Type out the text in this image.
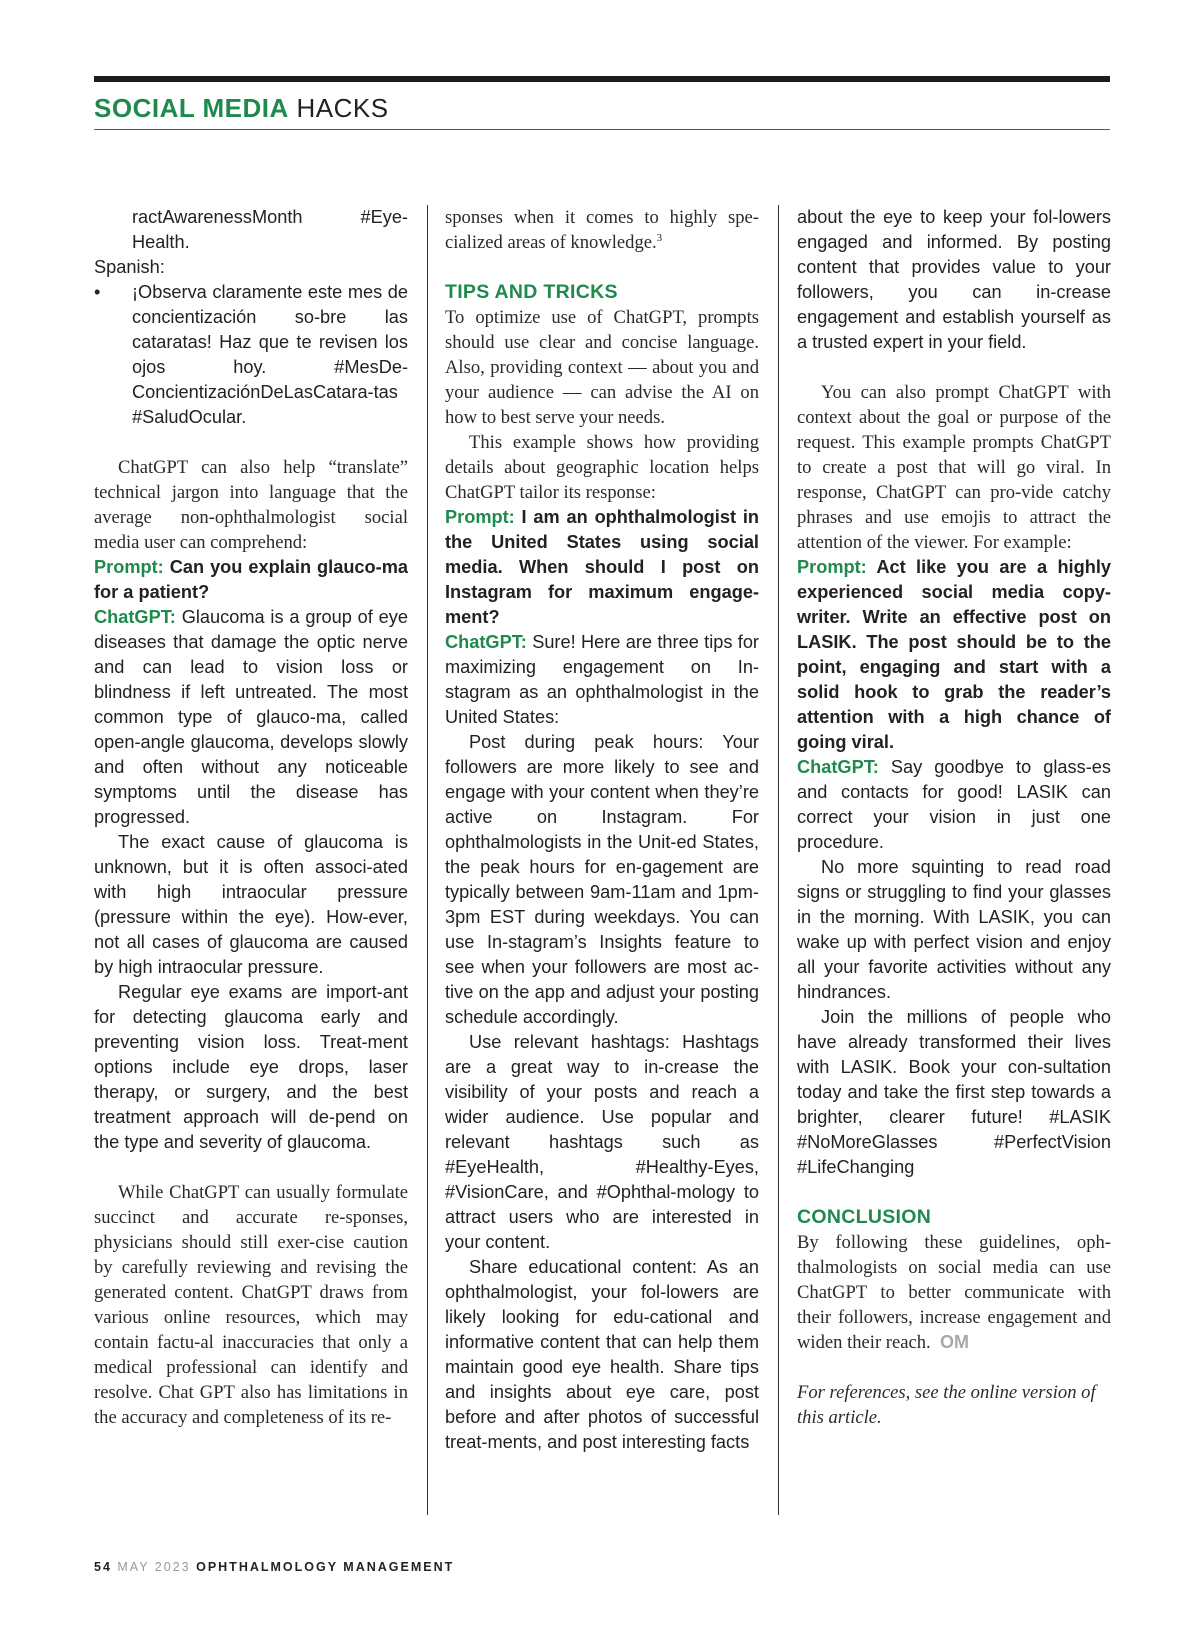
SOCIAL MEDIA HACKS

ractAwarenessMonth #Eye-Health.

Spanish:

•	¡Observa claramente este mes de concientización so-bre las cataratas! Haz que te revisen los ojos hoy. #MesDe-ConcientizaciónDeLasCatara-tas #SaludOcular.

ChatGPT can also help “translate” technical jargon into language that the average non-ophthalmologist social media user can comprehend:

Prompt: Can you explain glauco-ma for a patient?

ChatGPT: Glaucoma is a group of eye diseases that damage the optic nerve and can lead to vision loss or blindness if left untreated. The most common type of glauco-ma, called open-angle glaucoma, develops slowly and often without any noticeable symptoms until the disease has progressed.

The exact cause of glaucoma is unknown, but it is often associ-ated with high intraocular pressure (pressure within the eye). How-ever, not all cases of glaucoma are caused by high intraocular pressure.

Regular eye exams are import-ant for detecting glaucoma early and preventing vision loss. Treat-ment options include eye drops, laser therapy, or surgery, and the best treatment approach will de-pend on the type and severity of glaucoma.

While ChatGPT can usually formulate succinct and accurate re-sponses, physicians should still exer-cise caution by carefully reviewing and revising the generated content. ChatGPT draws from various online resources, which may contain factu-al inaccuracies that only a medical professional can identify and resolve. Chat GPT also has limitations in the accuracy and completeness of its re-

sponses when it comes to highly spe-cialized areas of knowledge.$^3$

TIPS AND TRICKS

To optimize use of ChatGPT, prompts should use clear and concise language. Also, providing context — about you and your audience — can advise the AI on how to best serve your needs.

This example shows how providing details about geographic location helps ChatGPT tailor its response:

Prompt: I am an ophthalmologist in the United States using social media. When should I post on Instagram for maximum engage-ment?

ChatGPT: Sure! Here are three tips for maximizing engagement on In-stagram as an ophthalmologist in the United States:

Post during peak hours: Your followers are more likely to see and engage with your content when they’re active on Instagram. For ophthalmologists in the Unit-ed States, the peak hours for en-gagement are typically between 9am-11am and 1pm-3pm EST during weekdays. You can use In-stagram’s Insights feature to see when your followers are most ac-tive on the app and adjust your posting schedule accordingly.

Use relevant hashtags: Hashtags are a great way to in-crease the visibility of your posts and reach a wider audience. Use popular and relevant hashtags such as #EyeHealth, #Healthy-Eyes, #VisionCare, and #Ophthal-mology to attract users who are interested in your content.

Share educational content: As an ophthalmologist, your fol-lowers are likely looking for edu-cational and informative content that can help them maintain good eye health. Share tips and insights about eye care, post before and after photos of successful treat-ments, and post interesting facts

about the eye to keep your fol-lowers engaged and informed. By posting content that provides value to your followers, you can in-crease engagement and establish yourself as a trusted expert in your field.

You can also prompt ChatGPT with context about the goal or purpose of the request. This example prompts ChatGPT to create a post that will go viral. In response, ChatGPT can pro-vide catchy phrases and use emojis to attract the attention of the viewer. For example:

Prompt: Act like you are a highly experienced social media copy-writer. Write an effective post on LASIK. The post should be to the point, engaging and start with a solid hook to grab the reader’s attention with a high chance of going viral.

ChatGPT: Say goodbye to glass-es and contacts for good! LASIK can correct your vision in just one procedure.

No more squinting to read road signs or struggling to find your glasses in the morning. With LASIK, you can wake up with perfect vision and enjoy all your favorite activities without any hindrances.

Join the millions of people who have already transformed their lives with LASIK. Book your con-sultation today and take the first step towards a brighter, clearer future! #LASIK #NoMoreGlasses #PerfectVision #LifeChanging

CONCLUSION

By following these guidelines, oph-thalmologists on social media can use ChatGPT to better communicate with their followers, increase engagement and widen their reach. OM

For references, see the online version of this article.

54 MAY 2023 OPHTHALMOLOGY MANAGEMENT
